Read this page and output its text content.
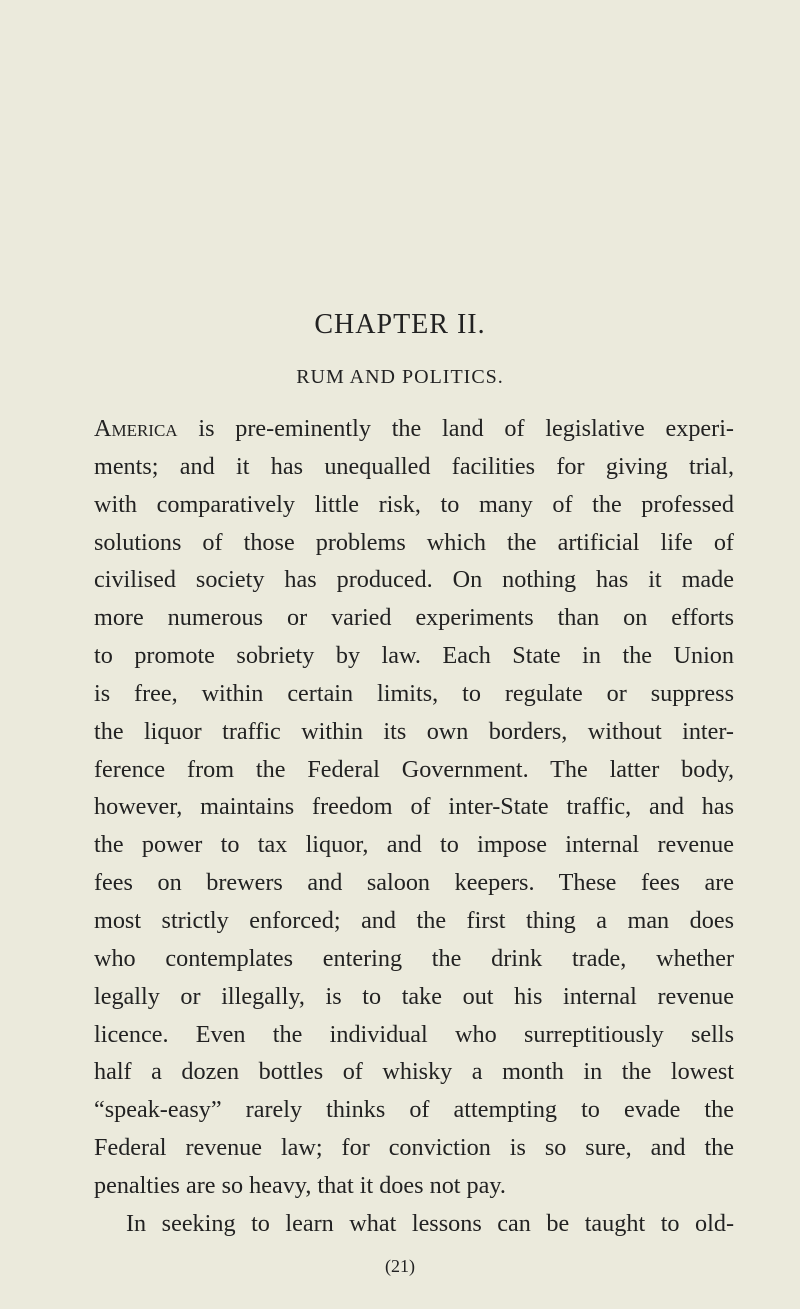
CHAPTER II.
RUM AND POLITICS.
America is pre-eminently the land of legislative experi-
ments; and it has unequalled facilities for giving trial,
with comparatively little risk, to many of the professed
solutions of those problems which the artificial life of
civilised society has produced. On nothing has it made
more numerous or varied experiments than on efforts
to promote sobriety by law. Each State in the Union
is free, within certain limits, to regulate or suppress
the liquor traffic within its own borders, without inter-
ference from the Federal Government. The latter body,
however, maintains freedom of inter-State traffic, and has
the power to tax liquor, and to impose internal revenue
fees on brewers and saloon keepers. These fees are
most strictly enforced; and the first thing a man does
who contemplates entering the drink trade, whether
legally or illegally, is to take out his internal revenue
licence. Even the individual who surreptitiously sells
half a dozen bottles of whisky a month in the lowest
“speak-easy” rarely thinks of attempting to evade the
Federal revenue law; for conviction is so sure, and the
penalties are so heavy, that it does not pay.
In seeking to learn what lessons can be taught to old-
(21)
